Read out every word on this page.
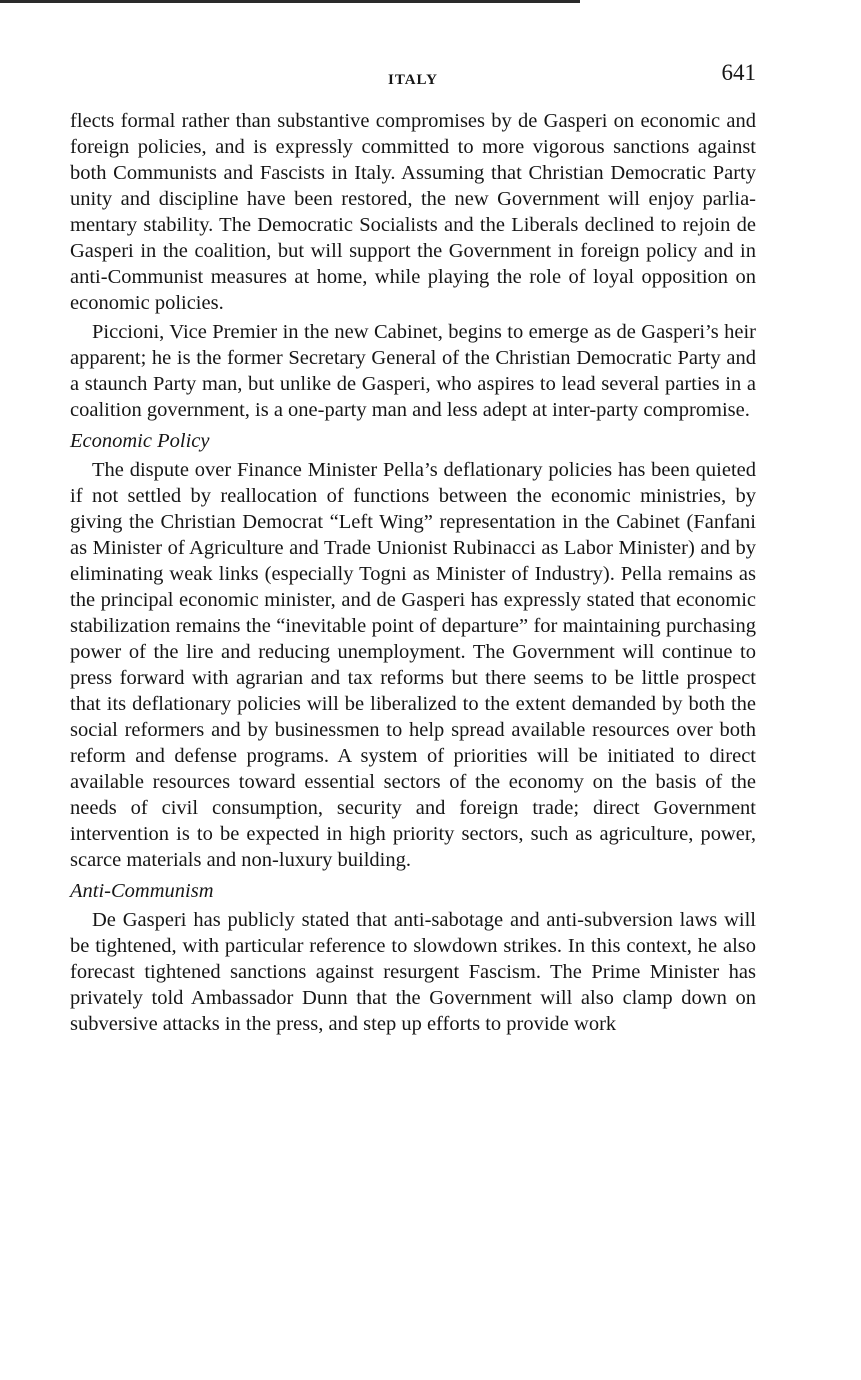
ITALY	641

flects formal rather than substantive compromises by de Gasperi on economic and foreign policies, and is expressly committed to more vigorous sanctions against both Communists and Fascists in Italy. Assuming that Christian Democratic Party unity and discipline have been restored, the new Government will enjoy parliamentary stability. The Democratic Socialists and the Liberals declined to rejoin de Gasperi in the coalition, but will support the Government in foreign policy and in anti-Communist measures at home, while playing the role of loyal opposition on economic policies.

Piccioni, Vice Premier in the new Cabinet, begins to emerge as de Gasperi’s heir apparent; he is the former Secretary General of the Christian Democratic Party and a staunch Party man, but unlike de Gasperi, who aspires to lead several parties in a coalition government, is a one-party man and less adept at inter-party compromise.

Economic Policy

The dispute over Finance Minister Pella’s deflationary policies has been quieted if not settled by reallocation of functions between the economic ministries, by giving the Christian Democrat “Left Wing” representation in the Cabinet (Fanfani as Minister of Agriculture and Trade Unionist Rubinacci as Labor Minister) and by eliminating weak links (especially Togni as Minister of Industry). Pella remains as the principal economic minister, and de Gasperi has expressly stated that economic stabilization remains the “inevitable point of departure” for maintaining purchasing power of the lire and reducing unemployment. The Government will continue to press forward with agrarian and tax reforms but there seems to be little prospect that its deflationary policies will be liberalized to the extent demanded by both the social reformers and by businessmen to help spread available resources over both reform and defense programs. A system of priorities will be initiated to direct available resources toward essential sectors of the economy on the basis of the needs of civil consumption, security and foreign trade; direct Government intervention is to be expected in high priority sectors, such as agriculture, power, scarce materials and non-luxury building.

Anti-Communism

De Gasperi has publicly stated that anti-sabotage and anti-subversion laws will be tightened, with particular reference to slowdown strikes. In this context, he also forecast tightened sanctions against resurgent Fascism. The Prime Minister has privately told Ambassador Dunn that the Government will also clamp down on subversive attacks in the press, and step up efforts to provide work
